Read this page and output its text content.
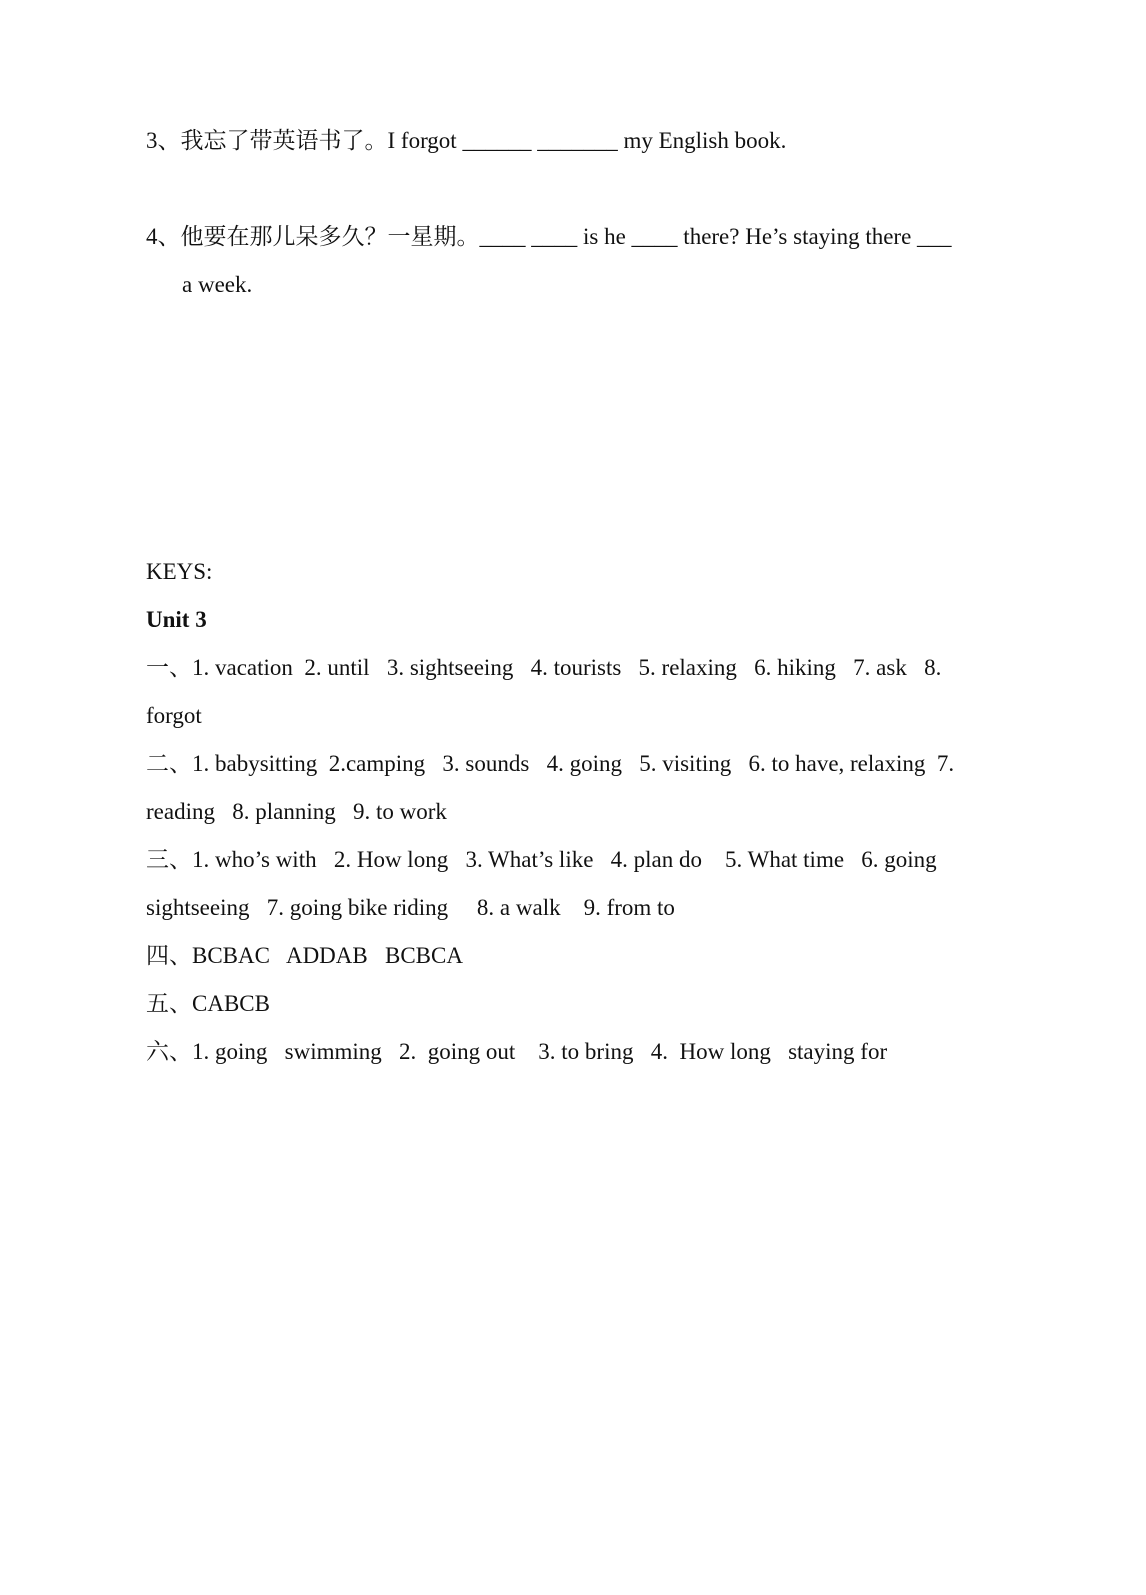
3、我忘了带英语书了。I forgot ______ _______ my English book.
4、他要在那儿呆多久？一星期。____ ____ is he ____ there? He’s staying there ___
a week.
KEYS:
Unit 3
一、1. vacation  2. until   3. sightseeing   4. tourists   5. relaxing   6. hiking   7. ask   8.
forgot
二、1. babysitting  2.camping   3. sounds   4. going   5. visiting   6. to have, relaxing  7.
reading   8. planning   9. to work
三、1. who’s with   2. How long   3. What’s like   4. plan do    5. What time   6. going
sightseeing   7. going bike riding     8. a walk    9. from to
四、BCBAC   ADDAB   BCBCA
五、CABCB
六、1. going   swimming   2.  going out    3. to bring   4.  How long   staying for
